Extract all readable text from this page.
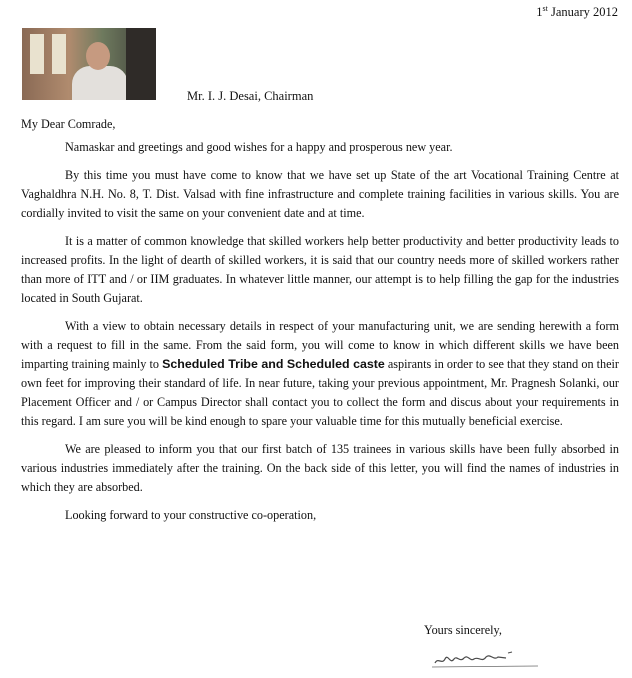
1st January 2012
Mr. I. J. Desai, Chairman

My Dear Comrade,

Namaskar and greetings and good wishes for a happy and prosperous new year.

By this time you must have come to know that we have set up State of the art Vocational Training Centre at Vaghaldhra N.H. No. 8, T. Dist. Valsad with fine infrastructure and complete training facilities in various skills. You are cordially invited to visit the same on your convenient date and at time.

It is a matter of common knowledge that skilled workers help better productivity and better productivity leads to increased profits. In the light of dearth of skilled workers, it is said that our country needs more of skilled workers rather than more of ITT and / or IIM graduates. In whatever little manner, our attempt is to help filling the gap for the industries located in South Gujarat.

With a view to obtain necessary details in respect of your manufacturing unit, we are sending herewith a form with a request to fill in the same. From the said form, you will come to know in which different skills we have been imparting training mainly to Scheduled Tribe and Scheduled caste aspirants in order to see that they stand on their own feet for improving their standard of life. In near future, taking your previous appointment, Mr. Pragnesh Solanki, our Placement Officer and / or Campus Director shall contact you to collect the form and discus about your requirements in this regard. I am sure you will be kind enough to spare your valuable time for this mutually beneficial exercise.

We are pleased to inform you that our first batch of 135 trainees in various skills have been fully absorbed in various industries immediately after the training. On the back side of this letter, you will find the names of industries in which they are absorbed.

Looking forward to your constructive co-operation,

Yours sincerely,
